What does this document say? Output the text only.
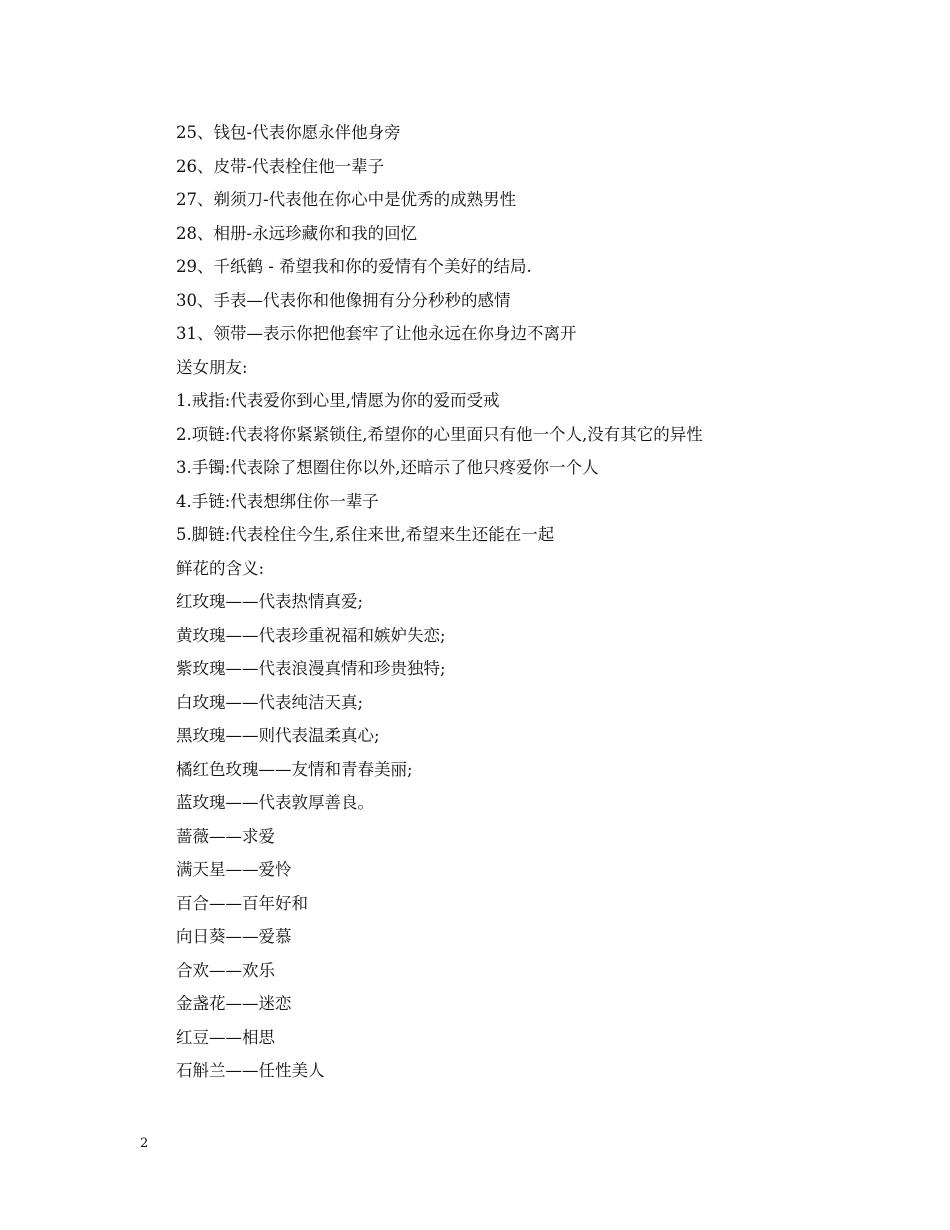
25、钱包-代表你愿永伴他身旁
26、皮带-代表栓住他一辈子
27、剃须刀-代表他在你心中是优秀的成熟男性
28、相册-永远珍藏你和我的回忆
29、千纸鹤 - 希望我和你的爱情有个美好的结局.
30、手表—代表你和他像拥有分分秒秒的感情
31、领带—表示你把他套牢了让他永远在你身边不离开
送女朋友:
1.戒指:代表爱你到心里,情愿为你的爱而受戒
2.项链:代表将你紧紧锁住,希望你的心里面只有他一个人,没有其它的异性
3.手镯:代表除了想圈住你以外,还暗示了他只疼爱你一个人
4.手链:代表想绑住你一辈子
5.脚链:代表栓住今生,系住来世,希望来生还能在一起
鲜花的含义:
红玫瑰——代表热情真爱;
黄玫瑰——代表珍重祝福和嫉妒失恋;
紫玫瑰——代表浪漫真情和珍贵独特;
白玫瑰——代表纯洁天真;
黑玫瑰——则代表温柔真心;
橘红色玫瑰——友情和青春美丽;
蓝玫瑰——代表敦厚善良。
蔷薇——求爱
满天星——爱怜
百合——百年好和
向日葵——爱慕
合欢——欢乐
金盏花——迷恋
红豆——相思
石斛兰——任性美人
2
